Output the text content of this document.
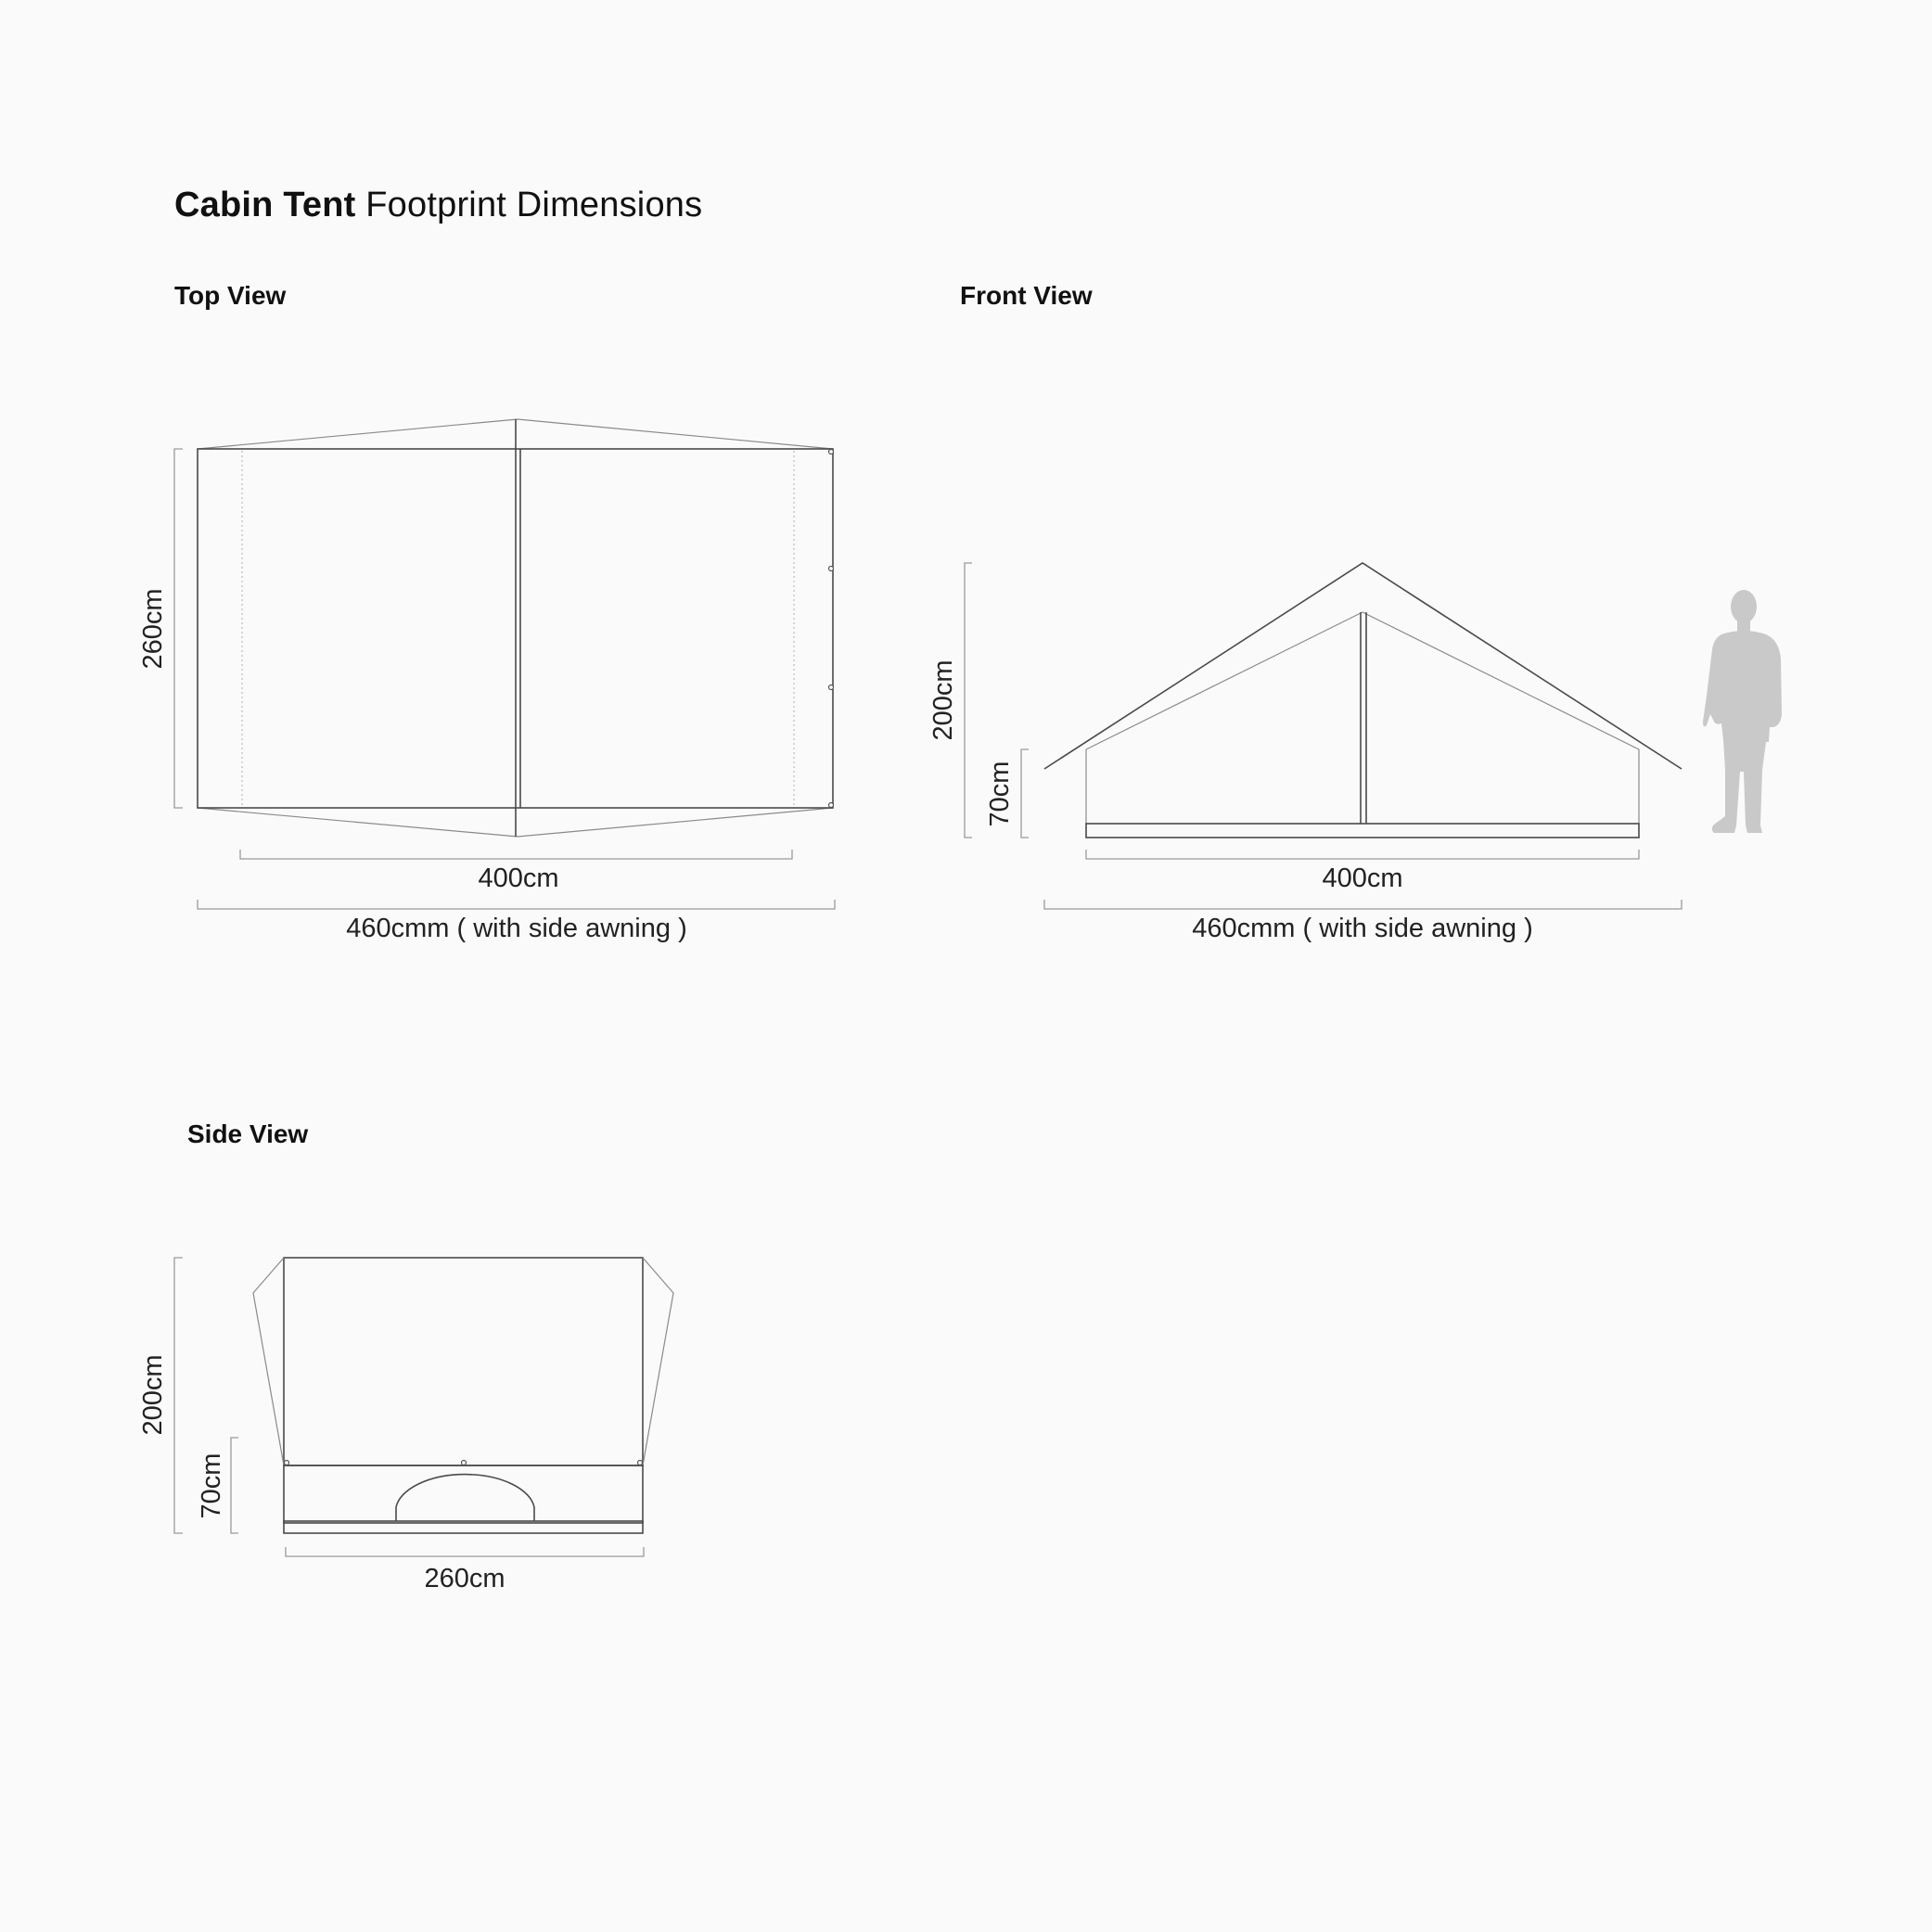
Cabin Tent Footprint Dimensions
Top View	Front View
Side View
260cm
400cm
460cmm ( with side awning )
200cm
70cm
400cm
460cmm ( with side awning )
200cm
70cm
260cm
